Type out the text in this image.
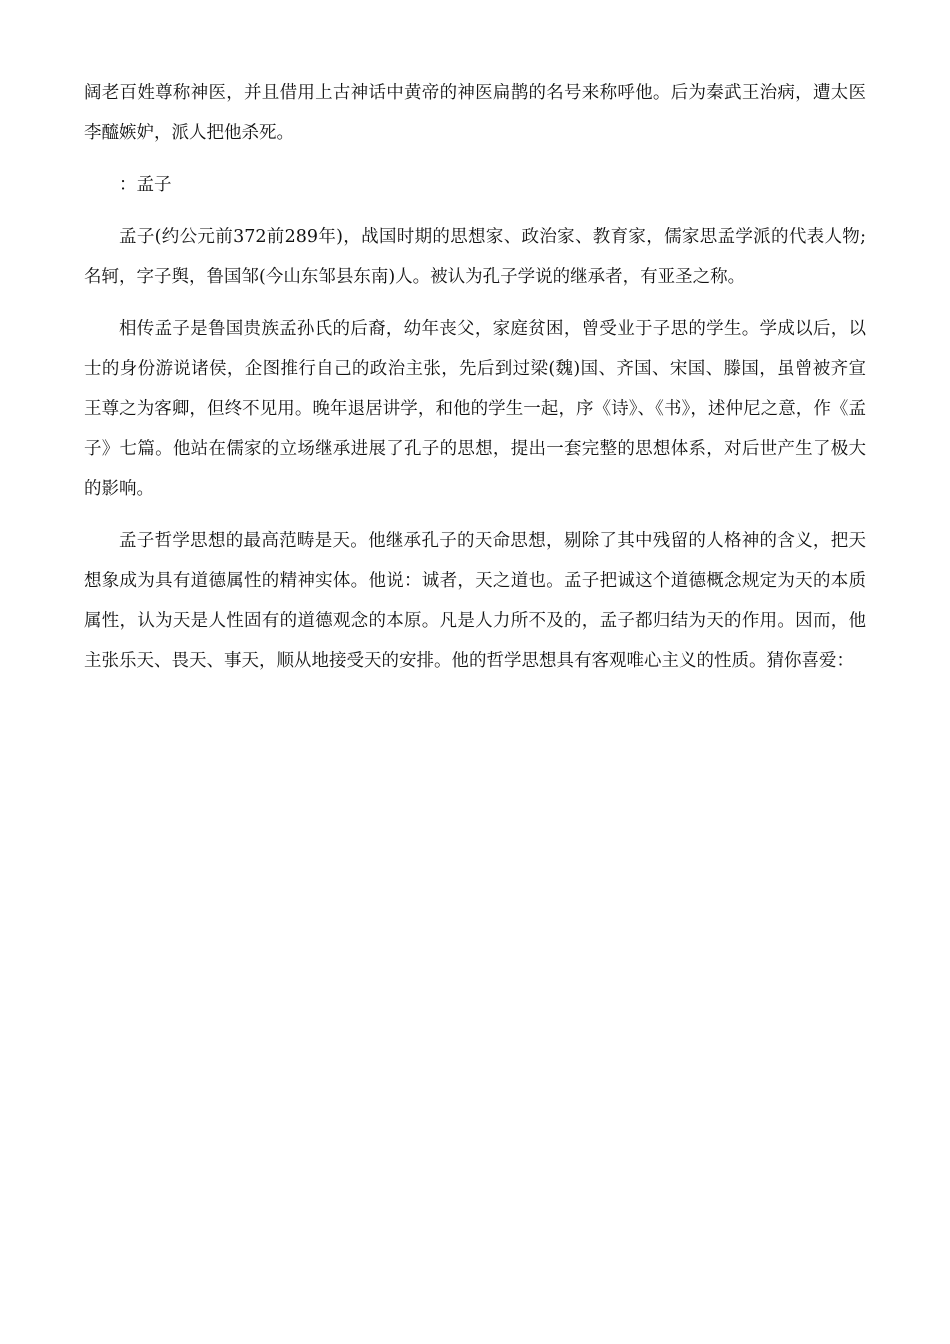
阔老百姓尊称神医，并且借用上古神话中黄帝的神医扁鹊的名号来称呼他。后为秦武王治病，遭太医李醯嫉妒，派人把他杀死。

：孟子

孟子(约公元前372前289年)，战国时期的思想家、政治家、教育家，儒家思孟学派的代表人物;名轲，字子舆，鲁国邹(今山东邹县东南)人。被认为孔子学说的继承者，有亚圣之称。

相传孟子是鲁国贵族孟孙氏的后裔，幼年丧父，家庭贫困，曾受业于子思的学生。学成以后，以士的身份游说诸侯，企图推行自己的政治主张，先后到过梁(魏)国、齐国、宋国、滕国，虽曾被齐宣王尊之为客卿，但终不见用。晚年退居讲学，和他的学生一起，序《诗》、《书》，述仲尼之意，作《孟子》七篇。他站在儒家的立场继承进展了孔子的思想，提出一套完整的思想体系，对后世产生了极大的影响。

孟子哲学思想的最高范畴是天。他继承孔子的天命思想，剔除了其中残留的人格神的含义，把天想象成为具有道德属性的精神实体。他说：诚者，天之道也。孟子把诚这个道德概念规定为天的本质属性，认为天是人性固有的道德观念的本原。凡是人力所不及的，孟子都归结为天的作用。因而，他主张乐天、畏天、事天，顺从地接受天的安排。他的哲学思想具有客观唯心主义的性质。猜你喜爱：
